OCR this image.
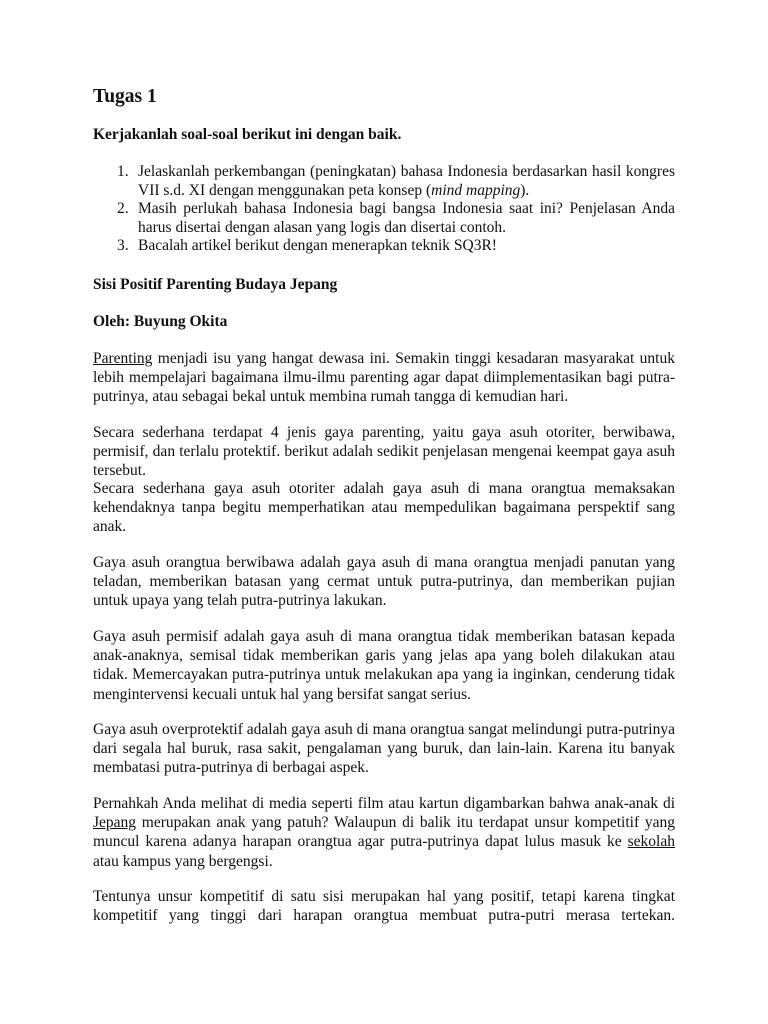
Tugas 1

Kerjakanlah soal-soal berikut ini dengan baik.

1. Jelaskanlah perkembangan (peningkatan) bahasa Indonesia berdasarkan hasil kongres VII s.d. XI dengan menggunakan peta konsep (mind mapping).
2. Masih perlukah bahasa Indonesia bagi bangsa Indonesia saat ini? Penjelasan Anda harus disertai dengan alasan yang logis dan disertai contoh.
3. Bacalah artikel berikut dengan menerapkan teknik SQ3R!

Sisi Positif Parenting Budaya Jepang

Oleh: Buyung Okita

Parenting menjadi isu yang hangat dewasa ini. Semakin tinggi kesadaran masyarakat untuk lebih mempelajari bagaimana ilmu-ilmu parenting agar dapat diimplementasikan bagi putra-putrinya, atau sebagai bekal untuk membina rumah tangga di kemudian hari.

Secara sederhana terdapat 4 jenis gaya parenting, yaitu gaya asuh otoriter, berwibawa, permisif, dan terlalu protektif. berikut adalah sedikit penjelasan mengenai keempat gaya asuh tersebut.

Secara sederhana gaya asuh otoriter adalah gaya asuh di mana orangtua memaksakan kehendaknya tanpa begitu memperhatikan atau mempedulikan bagaimana perspektif sang anak.

Gaya asuh orangtua berwibawa adalah gaya asuh di mana orangtua menjadi panutan yang teladan, memberikan batasan yang cermat untuk putra-putrinya, dan memberikan pujian untuk upaya yang telah putra-putrinya lakukan.

Gaya asuh permisif adalah gaya asuh di mana orangtua tidak memberikan batasan kepada anak-anaknya, semisal tidak memberikan garis yang jelas apa yang boleh dilakukan atau tidak. Memercayakan putra-putrinya untuk melakukan apa yang ia inginkan, cenderung tidak mengintervensi kecuali untuk hal yang bersifat sangat serius.

Gaya asuh overprotektif adalah gaya asuh di mana orangtua sangat melindungi putra-putrinya dari segala hal buruk, rasa sakit, pengalaman yang buruk, dan lain-lain. Karena itu banyak membatasi putra-putrinya di berbagai aspek.

Pernahkah Anda melihat di media seperti film atau kartun digambarkan bahwa anak-anak di Jepang merupakan anak yang patuh? Walaupun di balik itu terdapat unsur kompetitif yang muncul karena adanya harapan orangtua agar putra-putrinya dapat lulus masuk ke sekolah atau kampus yang bergengsi.

Tentunya unsur kompetitif di satu sisi merupakan hal yang positif, tetapi karena tingkat kompetitif yang tinggi dari harapan orangtua membuat putra-putri merasa tertekan.
